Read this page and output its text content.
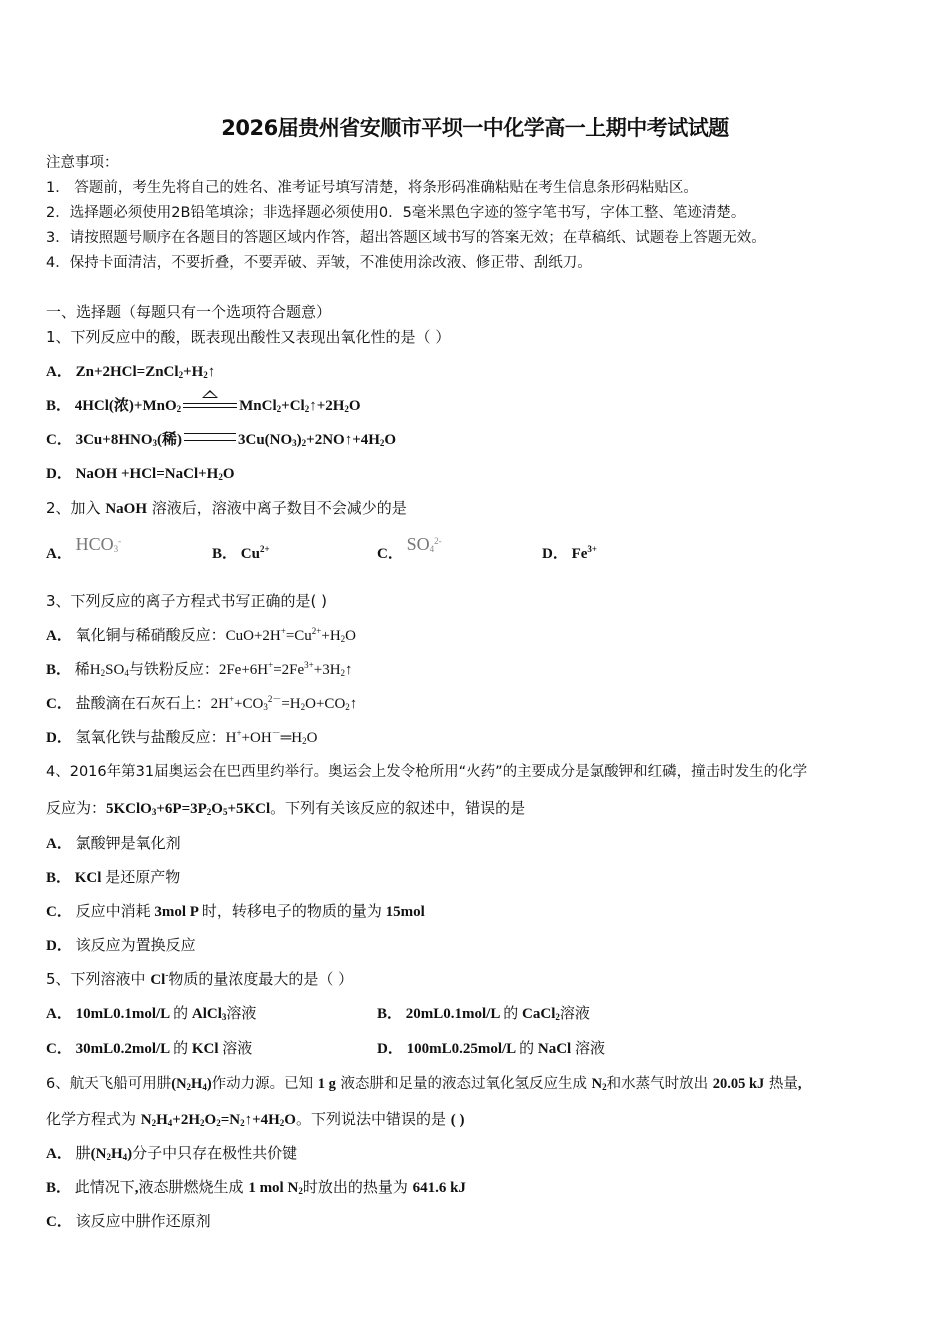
2026届贵州省安顺市平坝一中化学高一上期中考试试题
注意事项：
1． 答题前，考生先将自己的姓名、准考证号填写清楚，将条形码准确粘贴在考生信息条形码粘贴区。
2．选择题必须使用2B铅笔填涂；非选择题必须使用0．5毫米黑色字迹的签字笔书写，字体工整、笔迹清楚。
3．请按照题号顺序在各题目的答题区域内作答，超出答题区域书写的答案无效；在草稿纸、试题卷上答题无效。
4．保持卡面清洁，不要折叠，不要弄破、弄皱，不准使用涂改液、修正带、刮纸刀。
一、选择题（每题只有一个选项符合题意）
1、下列反应中的酸，既表现出酸性又表现出氧化性的是（ ）
A． $Zn+2HCl=ZnCl_2+H_2↑$
B． 4HCl(浓)+MnO$_2$	$MnCl_2+Cl_2↑+2H_2O$
C． $3Cu+8HNO_3$(稀)	$3Cu(NO_3)_2+2NO↑+4H_2O$
D． NaOH $+HCl=NaCl+H_2O$
2、加入 NaOH 溶液后，溶液中离子数目不会减少的是
A． $HCO_3^-$
B． $Cu^{2+}$	C． $SO_4^{2-}$
D． $Fe^{3+}$
3、下列反应的离子方程式书写正确的是( )
A． 氧化铜与稀硝酸反应：$CuO+2H^+=Cu^{2+}+H_2O$
B． 稀$H_2SO_4$与铁粉反应：$2Fe+6H^+=2Fe^{3+}+3H_2↑$
C． 盐酸滴在石灰石上：$2H^++CO_3^{2-}=H_2O+CO_2↑$
D． 氢氧化铁与盐酸反应：$H^++OH^-═H_2O$
4、2016年第31届奥运会在巴西里约举行。奥运会上发令枪所用“火药”的主要成分是氯酸钾和红磷，撞击时发生的化学
反应为：$5KClO_3+6P=3P_2O_5+5KCl$。下列有关该反应的叙述中，错误的是
A． 氯酸钾是氧化剂
B． KCl 是还原产物
C． 反应中消耗 3mol P 时，转移电子的物质的量为 15mol
D． 该反应为置换反应
5、下列溶液中 Cl-物质的量浓度最大的是（ ）
A． 10mL0.1mol/L 的 AlCl$_3$溶液	B． 20mL0.1mol/L 的 CaCl$_2$溶液
C． 30mL0.2mol/L 的 KCl 溶液	D． 100mL0.25mol/L 的 NaCl 溶液
6、航天飞船可用肼$(N_2H_4)$作动力源。已知 1 g 液态肼和足量的液态过氧化氢反应生成 $N_2$和水蒸气时放出 20.05 kJ 热量,
化学方程式为 $N_2H_4+2H_2O_2=N_2↑+4H_2O$。下列说法中错误的是 ( )
A． 肼$(N_2H_4)$分子中只存在极性共价键
B． 此情况下,液态肼燃烧生成 1 mol $N_2$时放出的热量为 641.6 kJ
C． 该反应中肼作还原剂
